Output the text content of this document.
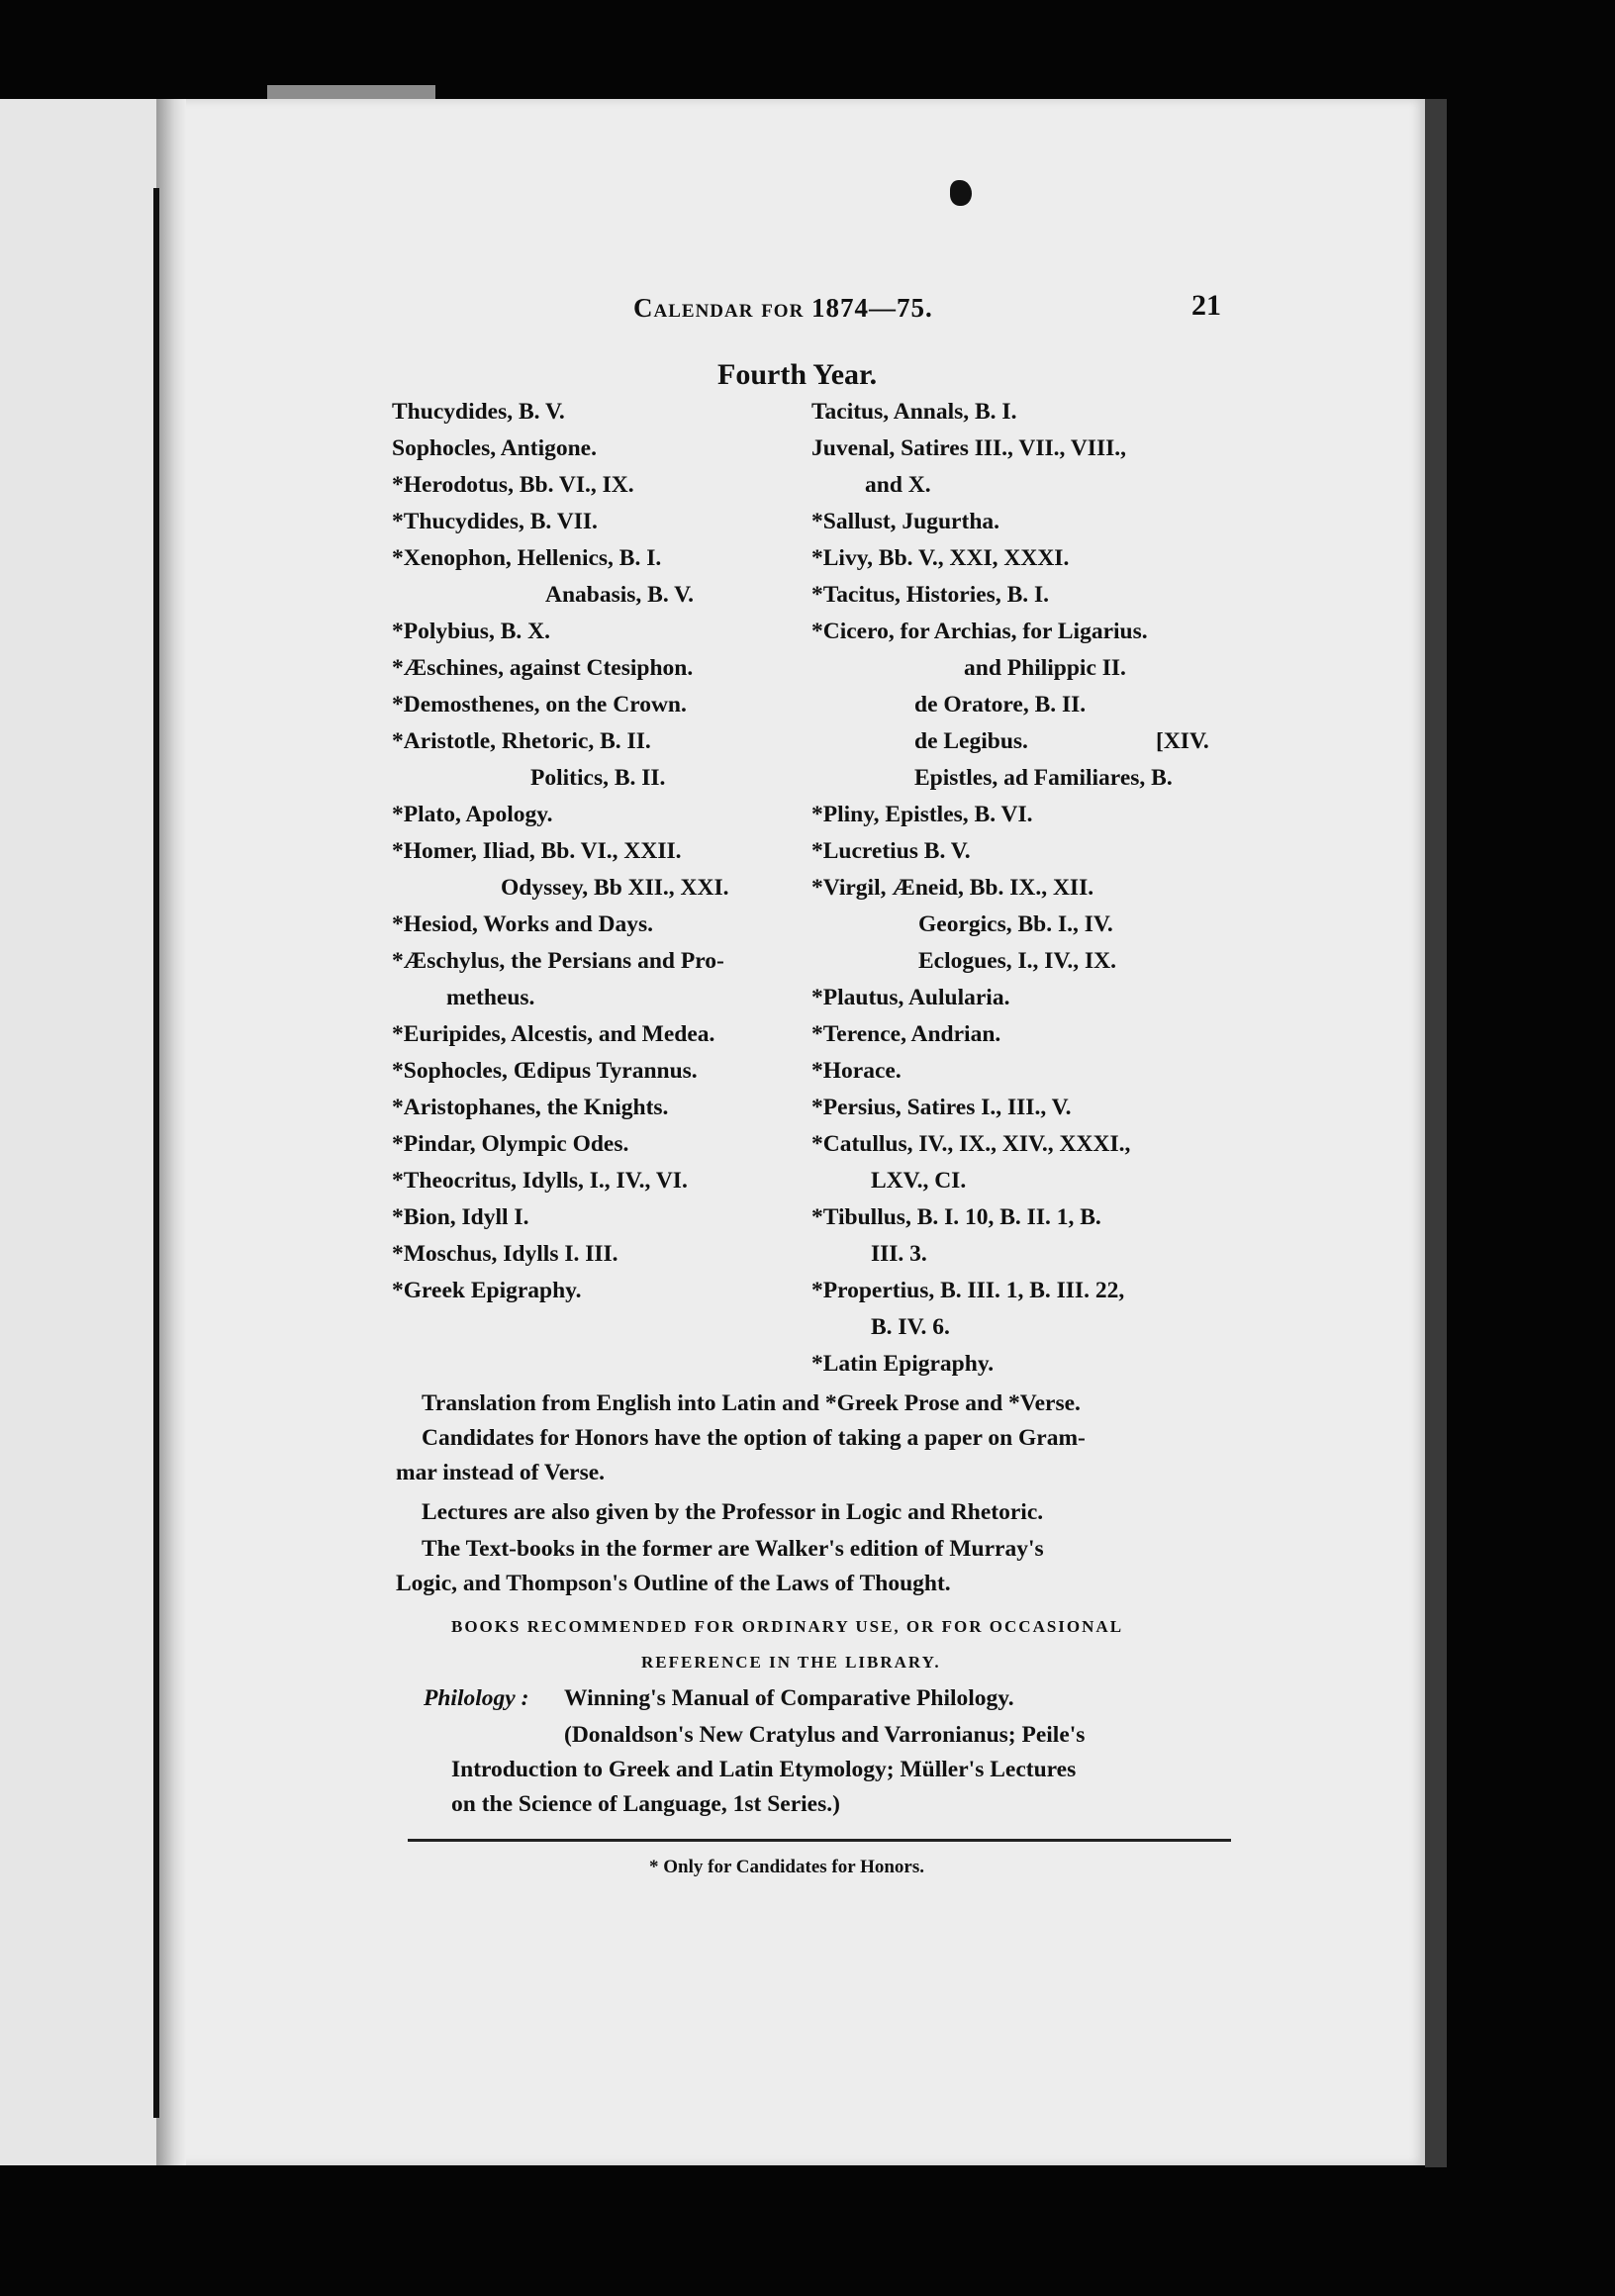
Calendar for 1874—75.	21
Fourth Year.
Thucydides, B. V.
Sophocles, Antigone.
*Herodotus, Bb. VI., IX.
*Thucydides, B. VII.
*Xenophon, Hellenics, B. I.
Anabasis, B. V.
*Polybius, B. X.
*Æschines, against Ctesiphon.
*Demosthenes, on the Crown.
*Aristotle, Rhetoric, B. II.
Politics, B. II.
*Plato, Apology.
*Homer, Iliad, Bb. VI., XXII.
Odyssey, Bb XII., XXI.
*Hesiod, Works and Days.
*Æschylus, the Persians and Pro-
metheus.
*Euripides, Alcestis, and Medea.
*Sophocles, Œdipus Tyrannus.
*Aristophanes, the Knights.
*Pindar, Olympic Odes.
*Theocritus, Idylls, I., IV., VI.
*Bion, Idyll I.
*Moschus, Idylls I. III.
*Greek Epigraphy.
Tacitus, Annals, B. I.
Juvenal, Satires III., VII., VIII.,
and X.
*Sallust, Jugurtha.
*Livy, Bb. V., XXI, XXXI.
*Tacitus, Histories, B. I.
*Cicero, for Archias, for Ligarius.
and Philippic II.
de Oratore, B. II.
de Legibus.	[XIV.
Epistles, ad Familiares, B.
*Pliny, Epistles, B. VI.
*Lucretius B. V.
*Virgil, Æneid, Bb. IX., XII.
Georgics, Bb. I., IV.
Eclogues, I., IV., IX.
*Plautus, Aulularia.
*Terence, Andrian.
*Horace.
*Persius, Satires I., III., V.
*Catullus, IV., IX., XIV., XXXI.,
LXV., CI.
*Tibullus, B. I. 10, B. II. 1, B.
III. 3.
*Propertius, B. III. 1, B. III. 22,
B. IV. 6.
*Latin Epigraphy.
Translation from English into Latin and *Greek Prose and *Verse.
Candidates for Honors have the option of taking a paper on Gram-
mar instead of Verse.
Lectures are also given by the Professor in Logic and Rhetoric.
The Text-books in the former are Walker's edition of Murray's
Logic, and Thompson's Outline of the Laws of Thought.
BOOKS RECOMMENDED FOR ORDINARY USE, OR FOR OCCASIONAL
REFERENCE IN THE LIBRARY.
Philology : Winning's Manual of Comparative Philology.
(Donaldson's New Cratylus and Varronianus; Peile's
Introduction to Greek and Latin Etymology; Müller's Lectures
on the Science of Language, 1st Series.)
* Only for Candidates for Honors.
